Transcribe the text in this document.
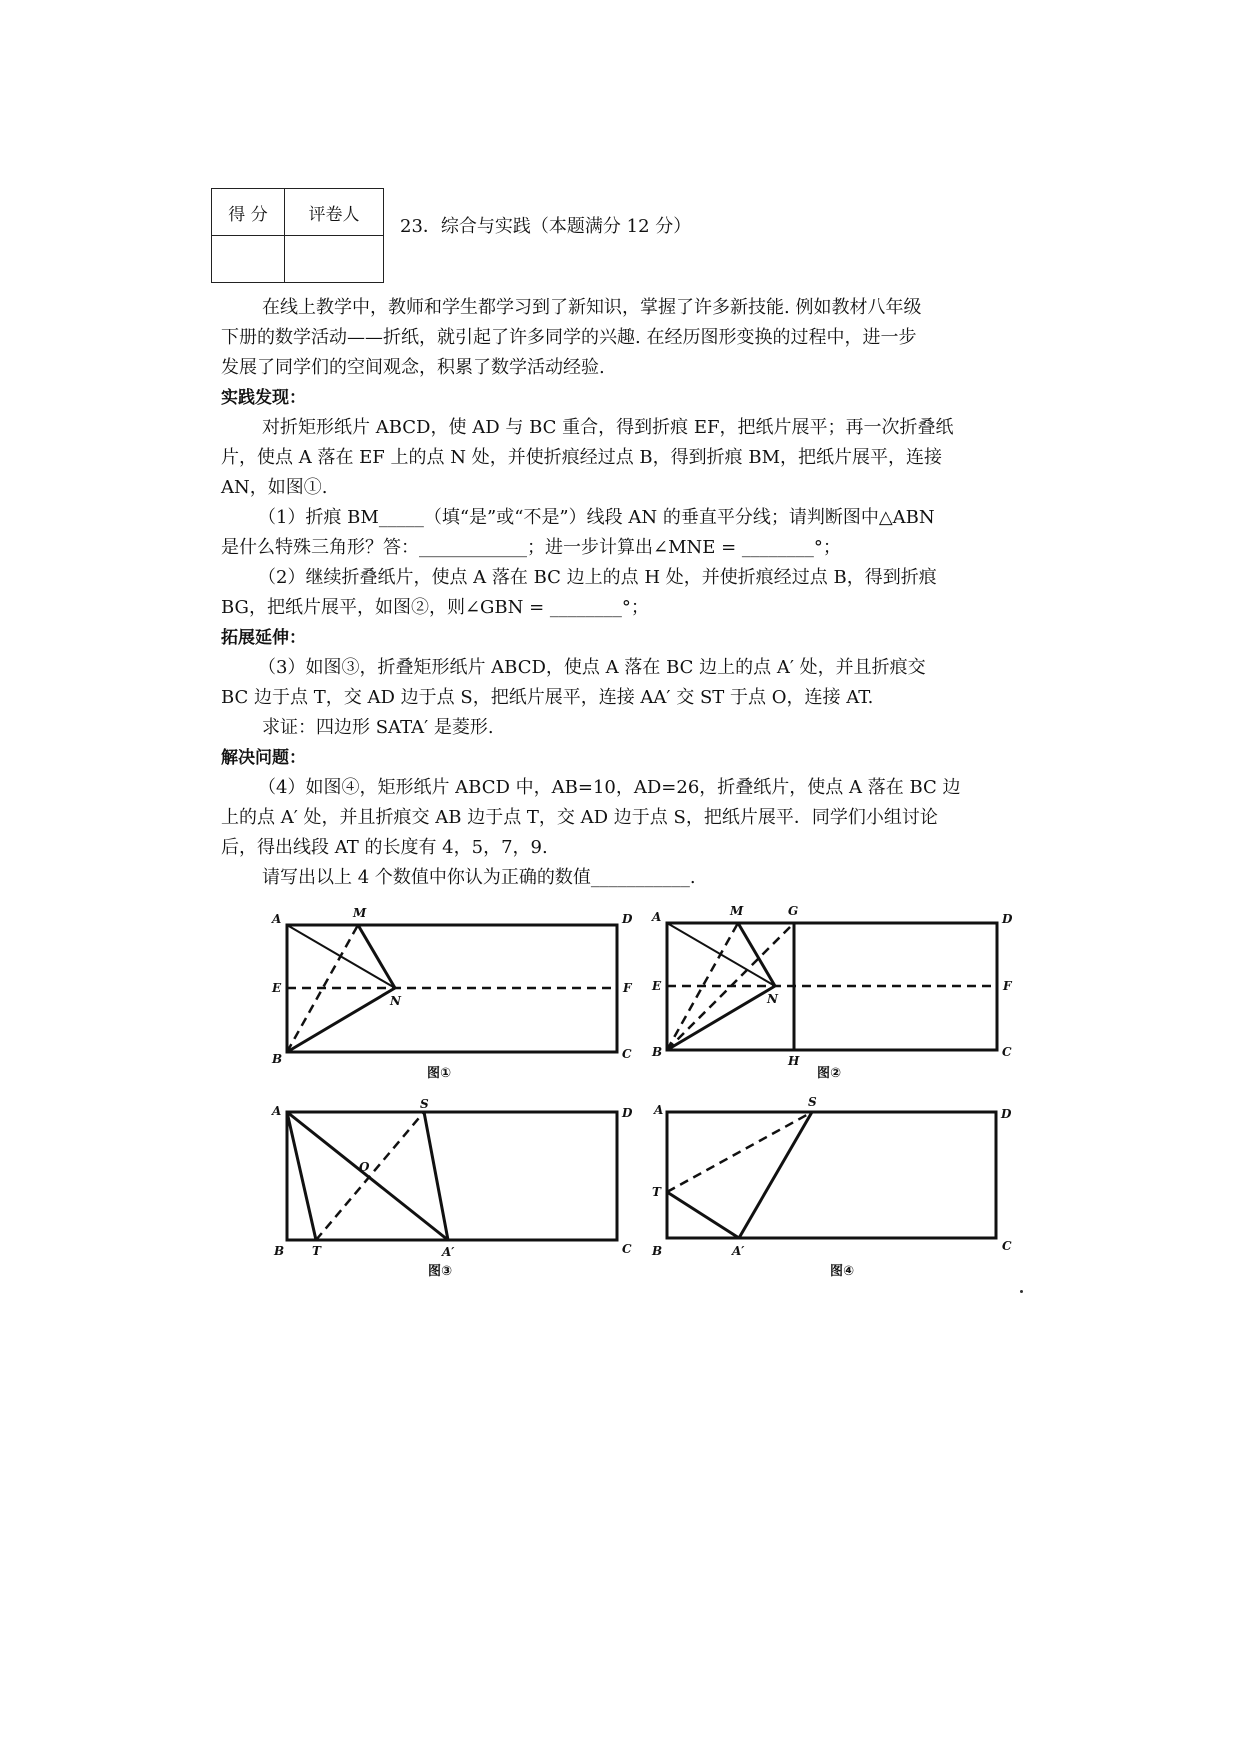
得 分	评卷人

23．综合与实践（本题满分 12 分）
在线上教学中，教师和学生都学习到了新知识，掌握了许多新技能. 例如教材八年级
下册的数学活动——折纸，就引起了许多同学的兴趣. 在经历图形变换的过程中，进一步
发展了同学们的空间观念，积累了数学活动经验.
实践发现：
对折矩形纸片 ABCD，使 AD 与 BC 重合，得到折痕 EF，把纸片展平；再一次折叠纸
片，使点 A 落在 EF 上的点 N 处，并使折痕经过点 B，得到折痕 BM，把纸片展平，连接
AN，如图①.
（1）折痕 BM_____（填“是”或“不是”）线段 AN 的垂直平分线；请判断图中△ABN
是什么特殊三角形？答：____________；进一步计算出∠MNE = ________°；
（2）继续折叠纸片，使点 A 落在 BC 边上的点 H 处，并使折痕经过点 B，得到折痕
BG，把纸片展平，如图②，则∠GBN = ________°；
拓展延伸：
（3）如图③，折叠矩形纸片 ABCD，使点 A 落在 BC 边上的点 A′ 处，并且折痕交
BC 边于点 T，交 AD 边于点 S，把纸片展平，连接 AA′ 交 ST 于点 O，连接 AT.
求证：四边形 SATA′ 是菱形.
解决问题：
（4）如图④，矩形纸片 ABCD 中，AB=10，AD=26，折叠纸片，使点 A 落在 BC 边
上的点 A′ 处，并且折痕交 AB 边于点 T，交 AD 边于点 S，把纸片展平．同学们小组讨论
后，得出线段 AT 的长度有 4，5，7，9.
请写出以上 4 个数值中你认为正确的数值___________.
A	M	D
E
N
F
B	C
图①
A	M	G
D
E
N
F
B
H
C
图②
A	S
D
O
B T	A′	C
图③
A
S
D
T
B	A′	C
图④
